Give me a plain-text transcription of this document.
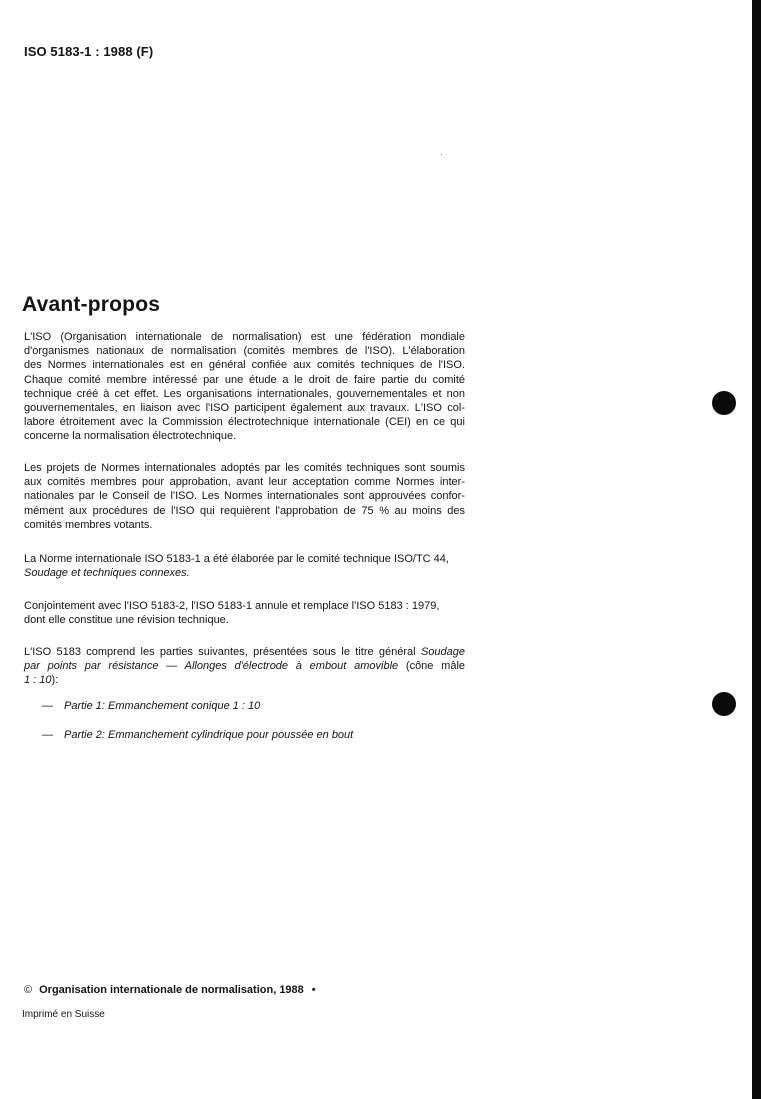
ISO 5183-1 : 1988 (F)
Avant-propos
L'ISO (Organisation internationale de normalisation) est une fédération mondiale
d'organismes nationaux de normalisation (comités membres de l'ISO). L'élaboration
des Normes internationales est en général confiée aux comités techniques de l'ISO.
Chaque comité membre intéressé par une étude a le droit de faire partie du comité
technique créé à cet effet. Les organisations internationales, gouvernementales et non
gouvernementales, en liaison avec l'ISO participent également aux travaux. L'ISO col-
labore étroitement avec la Commission électrotechnique internationale (CEI) en ce qui
concerne la normalisation électrotechnique.
Les projets de Normes internationales adoptés par les comités techniques sont soumis
aux comités membres pour approbation, avant leur acceptation comme Normes inter-
nationales par le Conseil de l'ISO. Les Normes internationales sont approuvées confor-
mément aux procédures de l'ISO qui requièrent l'approbation de 75 % au moins des
comités membres votants.
La Norme internationale ISO 5183-1 a été élaborée par le comité technique ISO/TC 44,
Soudage et techniques connexes.
Conjointement avec l'ISO 5183-2, l'ISO 5183-1 annule et remplace l'ISO 5183 : 1979,
dont elle constitue une révision technique.
L'ISO 5183 comprend les parties suivantes, présentées sous le titre général Soudage
par points par résistance — Allonges d'électrode à embout amovible (cône mâle
1 : 10):
— Partie 1: Emmanchement conique 1 : 10
— Partie 2: Emmanchement cylindrique pour poussée en bout
© Organisation internationale de normalisation, 1988 •
Imprimé en Suisse
